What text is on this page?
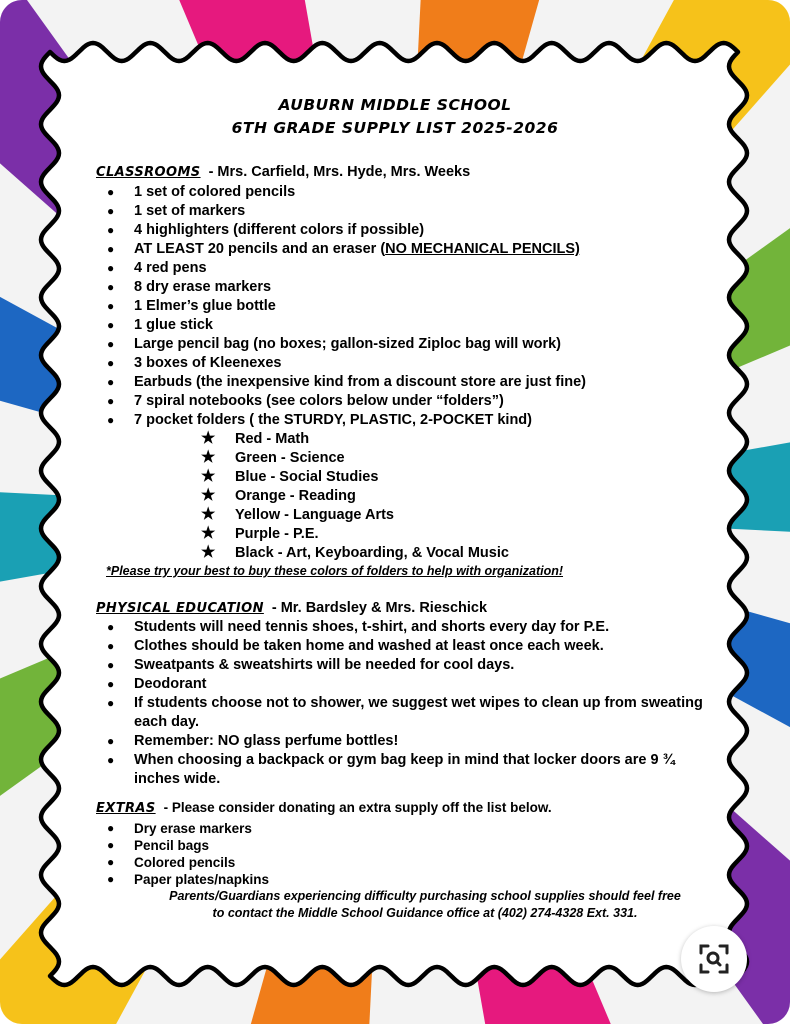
AUBURN MIDDLE SCHOOL
6TH GRADE SUPPLY LIST 2025-2026
CLASSROOMS - Mrs. Carfield, Mrs. Hyde, Mrs. Weeks
● 1 set of colored pencils
● 1 set of markers
● 4 highlighters (different colors if possible)
● AT LEAST 20 pencils and an eraser (NO MECHANICAL PENCILS)
● 4 red pens
● 8 dry erase markers
● 1 Elmer’s glue bottle
● 1 glue stick
● Large pencil bag (no boxes; gallon-sized Ziploc bag will work)
● 3 boxes of Kleenexes
● Earbuds (the inexpensive kind from a discount store are just fine)
● 7 spiral notebooks (see colors below under “folders”)
● 7 pocket folders ( the STURDY, PLASTIC, 2-POCKET kind)
★ Red - Math
★ Green - Science
★ Blue - Social Studies
★ Orange - Reading
★ Yellow - Language Arts
★ Purple - P.E.
★ Black - Art, Keyboarding, & Vocal Music
*Please try your best to buy these colors of folders to help with organization!
PHYSICAL EDUCATION - Mr. Bardsley & Mrs. Rieschick
● Students will need tennis shoes, t-shirt, and shorts every day for P.E.
● Clothes should be taken home and washed at least once each week.
● Sweatpants & sweatshirts will be needed for cool days.
● Deodorant
● If students choose not to shower, we suggest wet wipes to clean up from sweating each day.
● Remember: NO glass perfume bottles!
● When choosing a backpack or gym bag keep in mind that locker doors are 9 ¾ inches wide.
EXTRAS - Please consider donating an extra supply off the list below.
● Dry erase markers
● Pencil bags
● Colored pencils
● Paper plates/napkins
Parents/Guardians experiencing difficulty purchasing school supplies should feel free
to contact the Middle School Guidance office at (402) 274-4328 Ext. 331.
